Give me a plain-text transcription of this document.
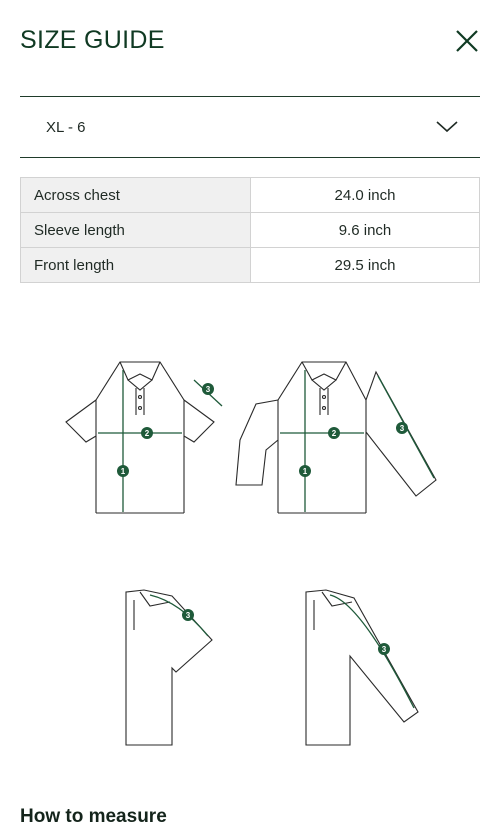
SIZE GUIDE
XL - 6
Across chest	24.0 inch
Sleeve length	9.6 inch
Front length	29.5 inch
1
2
3
1
2
3
3
3
How to measure
